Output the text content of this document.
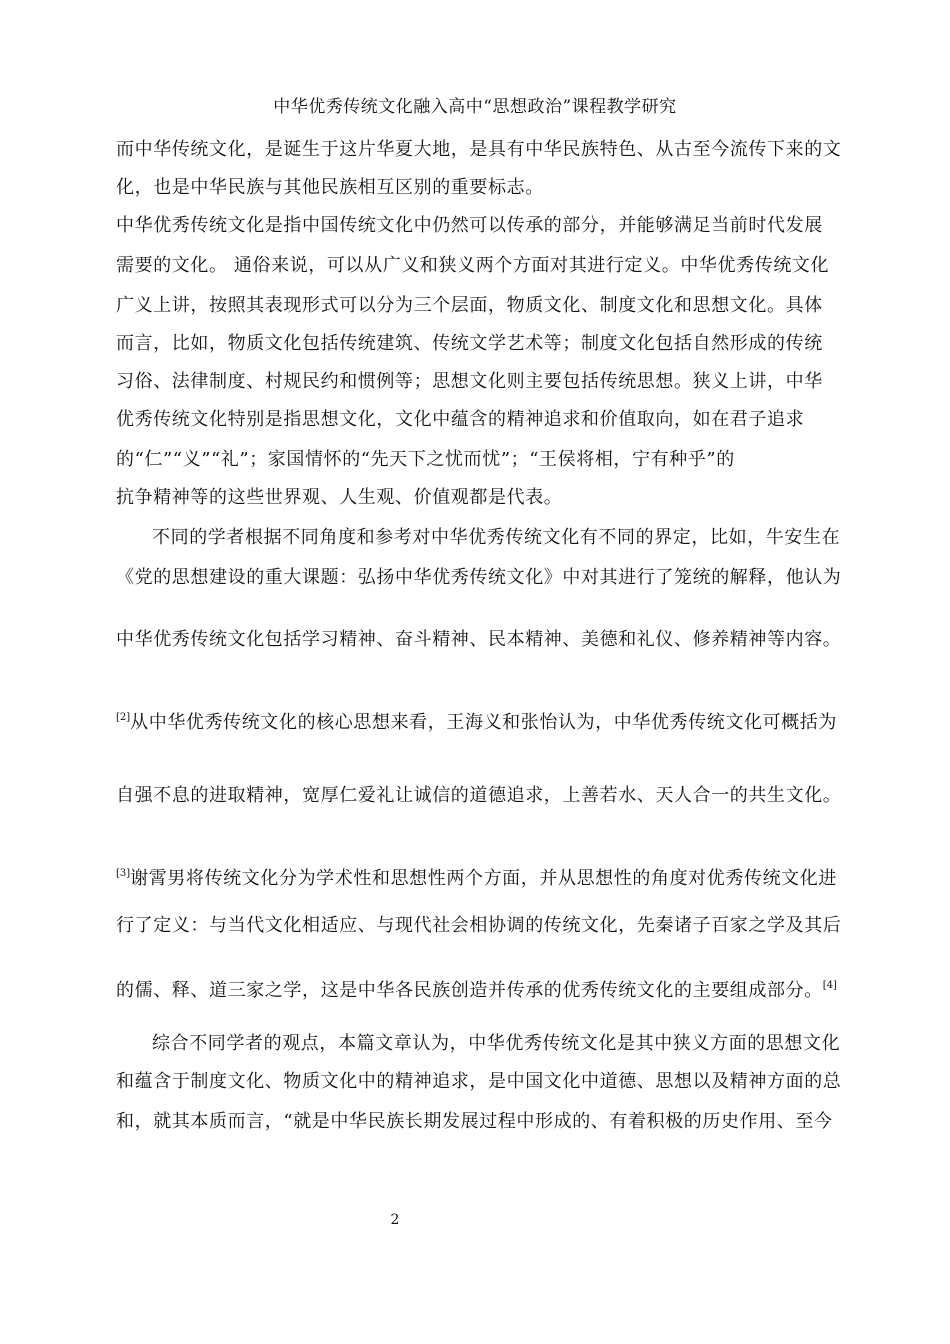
中华优秀传统文化融入高中“思想政治”课程教学研究
而中华传统文化，是诞生于这片华夏大地，是具有中华民族特色、从古至今流传下来的文
化，也是中华民族与其他民族相互区别的重要标志。
中华优秀传统文化是指中国传统文化中仍然可以传承的部分，并能够满足当前时代发展
需要的文化。 通俗来说，可以从广义和狭义两个方面对其进行定义。中华优秀传统文化
广义上讲，按照其表现形式可以分为三个层面，物质文化、制度文化和思想文化。具体
而言，比如，物质文化包括传统建筑、传统文学艺术等；制度文化包括自然形成的传统
习俗、法律制度、村规民约和惯例等；思想文化则主要包括传统思想。狭义上讲，中华
优秀传统文化特别是指思想文化，文化中蕴含的精神追求和价值取向，如在君子追求
的“仁”“义”“礼”；家国情怀的“先天下之忧而忧”；“王侯将相，宁有种乎”的
抗争精神等的这些世界观、人生观、价值观都是代表。
不同的学者根据不同角度和参考对中华优秀传统文化有不同的界定，比如，牛安生在
《党的思想建设的重大课题：弘扬中华优秀传统文化》中对其进行了笼统的解释，他认为
中华优秀传统文化包括学习精神、奋斗精神、民本精神、美德和礼仪、修养精神等内容。
[2]从中华优秀传统文化的核心思想来看，王海义和张怡认为，中华优秀传统文化可概括为
自强不息的进取精神，宽厚仁爱礼让诚信的道德追求，上善若水、天人合一的共生文化。
[3]谢霄男将传统文化分为学术性和思想性两个方面，并从思想性的角度对优秀传统文化进
行了定义：与当代文化相适应、与现代社会相协调的传统文化，先秦诸子百家之学及其后
的儒、释、道三家之学，这是中华各民族创造并传承的优秀传统文化的主要组成部分。[4]
综合不同学者的观点，本篇文章认为，中华优秀传统文化是其中狭义方面的思想文化
和蕴含于制度文化、物质文化中的精神追求，是中国文化中道德、思想以及精神方面的总
和，就其本质而言，“就是中华民族长期发展过程中形成的、有着积极的历史作用、至今
2
